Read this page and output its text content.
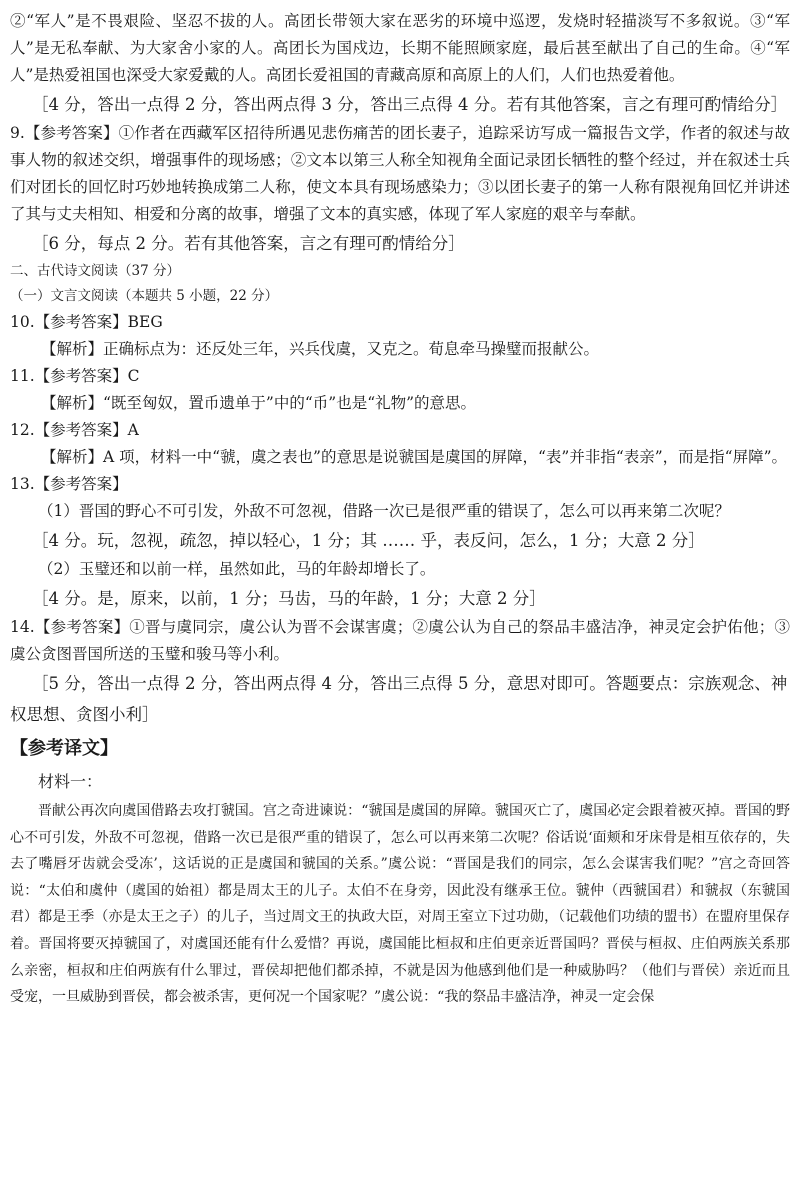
②“军人”是不畏艰险、坚忍不拔的人。高团长带领大家在恶劣的环境中巡逻，发烧时轻描淡写不多叙说。③“军人”是无私奉献、为大家舍小家的人。高团长为国戍边，长期不能照顾家庭，最后甚至献出了自己的生命。④“军人”是热爱祖国也深受大家爱戴的人。高团长爱祖国的青藏高原和高原上的人们，人们也热爱着他。

［4 分，答出一点得 2 分，答出两点得 3 分，答出三点得 4 分。若有其他答案，言之有理可酌情给分］

9.【参考答案】①作者在西藏军区招待所遇见悲伤痛苦的团长妻子，追踪采访写成一篇报告文学，作者的叙述与故事人物的叙述交织，增强事件的现场感；②文本以第三人称全知视角全面记录团长牺牲的整个经过，并在叙述士兵们对团长的回忆时巧妙地转换成第二人称，使文本具有现场感染力；③以团长妻子的第一人称有限视角回忆并讲述了其与丈夫相知、相爱和分离的故事，增强了文本的真实感，体现了军人家庭的艰辛与奉献。

［6 分，每点 2 分。若有其他答案，言之有理可酌情给分］

二、古代诗文阅读（37 分）

（一）文言文阅读（本题共 5 小题，22 分）

10.【参考答案】BEG

【解析】正确标点为：还反处三年，兴兵伐虞，又克之。荀息牵马操璧而报献公。

11.【参考答案】C

【解析】“既至匈奴，置币遗单于”中的“币”也是“礼物”的意思。

12.【参考答案】A

【解析】A 项，材料一中“虢，虞之表也”的意思是说虢国是虞国的屏障，“表”并非指“表亲”，而是指“屏障”。

13.【参考答案】

（1）晋国的野心不可引发，外敌不可忽视，借路一次已是很严重的错误了，怎么可以再来第二次呢？

［4 分。玩，忽视，疏忽，掉以轻心，1 分；其 …… 乎，表反问，怎么，1 分；大意 2 分］

（2）玉璧还和以前一样，虽然如此，马的年龄却增长了。

［4 分。是，原来，以前，1 分；马齿，马的年龄，1 分；大意 2 分］

14.【参考答案】①晋与虞同宗，虞公认为晋不会谋害虞；②虞公认为自己的祭品丰盛洁净，神灵定会护佑他；③虞公贪图晋国所送的玉璧和骏马等小利。

［5 分，答出一点得 2 分，答出两点得 4 分，答出三点得 5 分，意思对即可。答题要点：宗族观念、神权思想、贪图小利］

【参考译文】

材料一：

晋献公再次向虞国借路去攻打虢国。宫之奇进谏说：“虢国是虞国的屏障。虢国灭亡了，虞国必定会跟着被灭掉。晋国的野心不可引发，外敌不可忽视，借路一次已是很严重的错误了，怎么可以再来第二次呢？俗话说‘面颊和牙床骨是相互依存的，失去了嘴唇牙齿就会受冻’，这话说的正是虞国和虢国的关系。”虞公说：“晋国是我们的同宗，怎么会谋害我们呢？”宫之奇回答说：“太伯和虞仲（虞国的始祖）都是周太王的儿子。太伯不在身旁，因此没有继承王位。虢仲（西虢国君）和虢叔（东虢国君）都是王季（亦是太王之子）的儿子，当过周文王的执政大臣，对周王室立下过功勋，（记载他们功绩的盟书）在盟府里保存着。晋国将要灭掉虢国了，对虞国还能有什么爱惜？再说，虞国能比桓叔和庄伯更亲近晋国吗？晋侯与桓叔、庄伯两族关系那么亲密，桓叔和庄伯两族有什么罪过，晋侯却把他们都杀掉，不就是因为他感到他们是一种威胁吗？（他们与晋侯）亲近而且受宠，一旦威胁到晋侯，都会被杀害，更何况一个国家呢？”虞公说：“我的祭品丰盛洁净，神灵一定会保
